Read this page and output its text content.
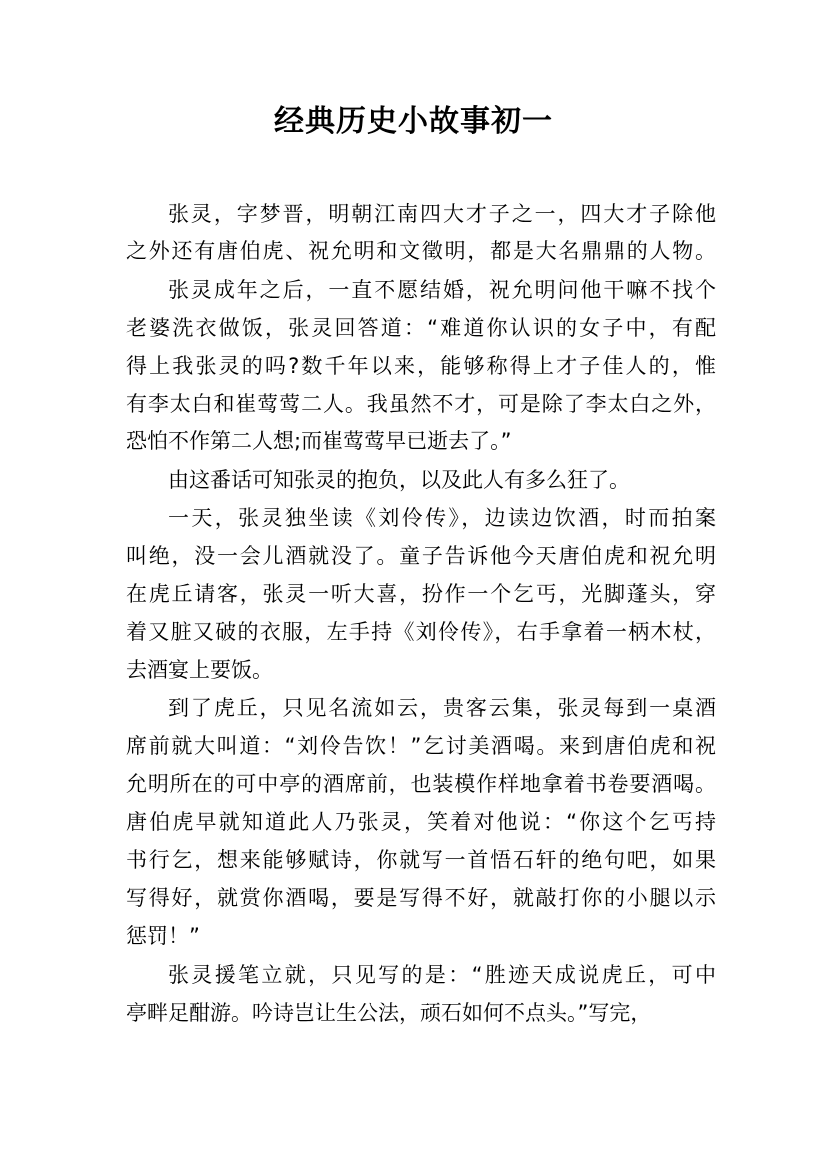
经典历史小故事初一

张灵，字梦晋，明朝江南四大才子之一，四大才子除他

之外还有唐伯虎、祝允明和文徵明，都是大名鼎鼎的人物。

张灵成年之后，一直不愿结婚，祝允明问他干嘛不找个

老婆洗衣做饭，张灵回答道：“难道你认识的女子中，有配

得上我张灵的吗?数千年以来，能够称得上才子佳人的，惟

有李太白和崔莺莺二人。我虽然不才，可是除了李太白之外，

恐怕不作第二人想;而崔莺莺早已逝去了。”

由这番话可知张灵的抱负，以及此人有多么狂了。

一天，张灵独坐读《刘伶传》，边读边饮酒，时而拍案

叫绝，没一会儿酒就没了。童子告诉他今天唐伯虎和祝允明

在虎丘请客，张灵一听大喜，扮作一个乞丐，光脚蓬头，穿

着又脏又破的衣服，左手持《刘伶传》，右手拿着一柄木杖，

去酒宴上要饭。

到了虎丘，只见名流如云，贵客云集，张灵每到一桌酒

席前就大叫道：“刘伶告饮！”乞讨美酒喝。来到唐伯虎和祝

允明所在的可中亭的酒席前，也装模作样地拿着书卷要酒喝。

唐伯虎早就知道此人乃张灵，笑着对他说：“你这个乞丐持

书行乞，想来能够赋诗，你就写一首悟石轩的绝句吧，如果

写得好，就赏你酒喝，要是写得不好，就敲打你的小腿以示

惩罚！”

张灵援笔立就，只见写的是：“胜迹天成说虎丘，可中

亭畔足酣游。吟诗岂让生公法，顽石如何不点头。”写完，
